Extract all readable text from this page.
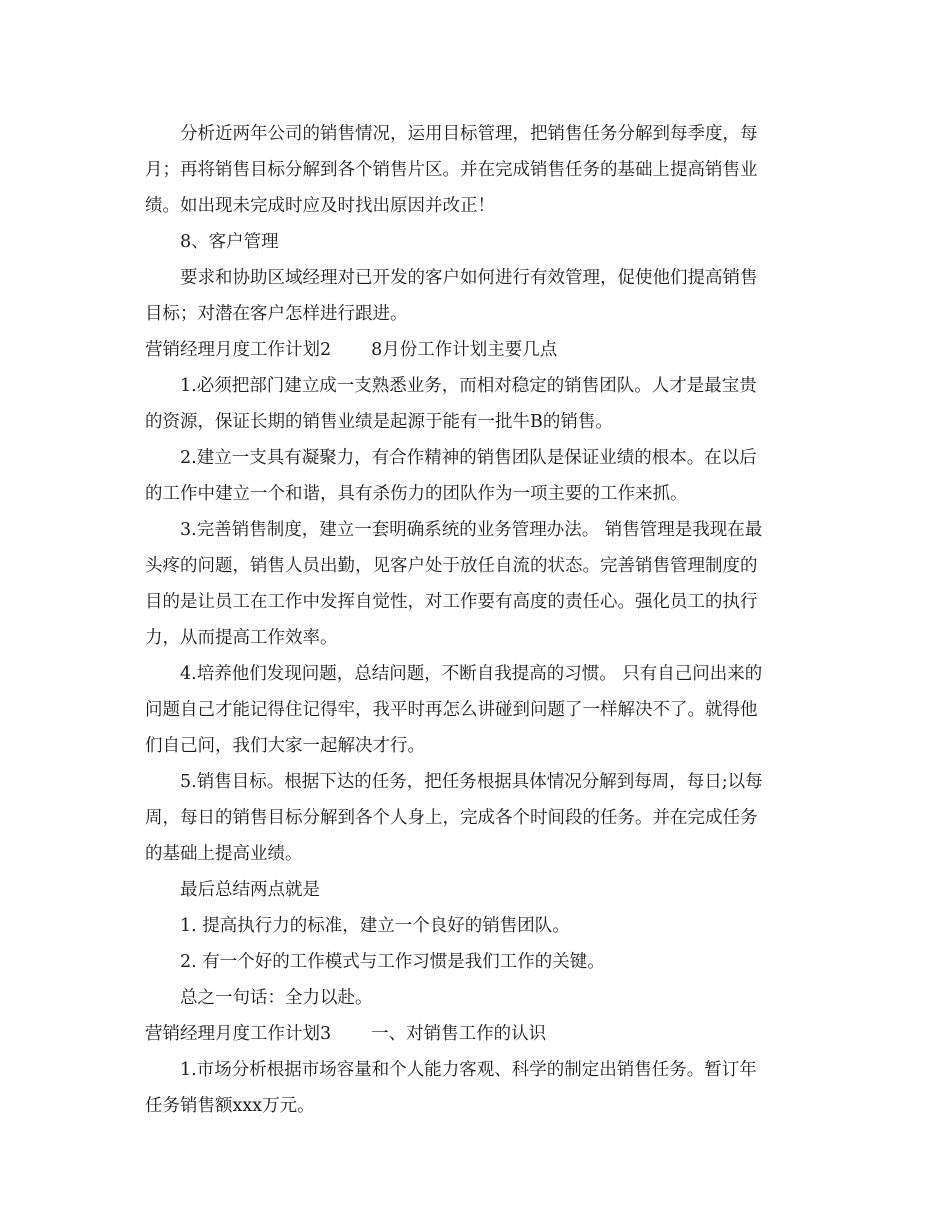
分析近两年公司的销售情况，运用目标管理，把销售任务分解到每季度，每
月；再将销售目标分解到各个销售片区。并在完成销售任务的基础上提高销售业
绩。如出现未完成时应及时找出原因并改正！
8、客户管理
要求和协助区域经理对已开发的客户如何进行有效管理，促使他们提高销售
目标；对潜在客户怎样进行跟进。
营销经理月度工作计划2 8月份工作计划主要几点
1.必须把部门建立成一支熟悉业务，而相对稳定的销售团队。人才是最宝贵
的资源，保证长期的销售业绩是起源于能有一批牛B的销售。
2.建立一支具有凝聚力，有合作精神的销售团队是保证业绩的根本。在以后
的工作中建立一个和谐，具有杀伤力的团队作为一项主要的工作来抓。
3.完善销售制度，建立一套明确系统的业务管理办法。 销售管理是我现在最
头疼的问题，销售人员出勤，见客户处于放任自流的状态。完善销售管理制度的
目的是让员工在工作中发挥自觉性，对工作要有高度的责任心。强化员工的执行
力，从而提高工作效率。
4.培养他们发现问题，总结问题，不断自我提高的习惯。 只有自己问出来的
问题自己才能记得住记得牢，我平时再怎么讲碰到问题了一样解决不了。就得他
们自己问，我们大家一起解决才行。
5.销售目标。根据下达的任务，把任务根据具体情况分解到每周，每日;以每
周，每日的销售目标分解到各个人身上，完成各个时间段的任务。并在完成任务
的基础上提高业绩。
最后总结两点就是
1. 提高执行力的标准，建立一个良好的销售团队。
2. 有一个好的工作模式与工作习惯是我们工作的关键。
总之一句话：全力以赴。
营销经理月度工作计划3 一、对销售工作的认识
1.市场分析根据市场容量和个人能力客观、科学的制定出销售任务。暂订年
任务销售额xxx万元。
